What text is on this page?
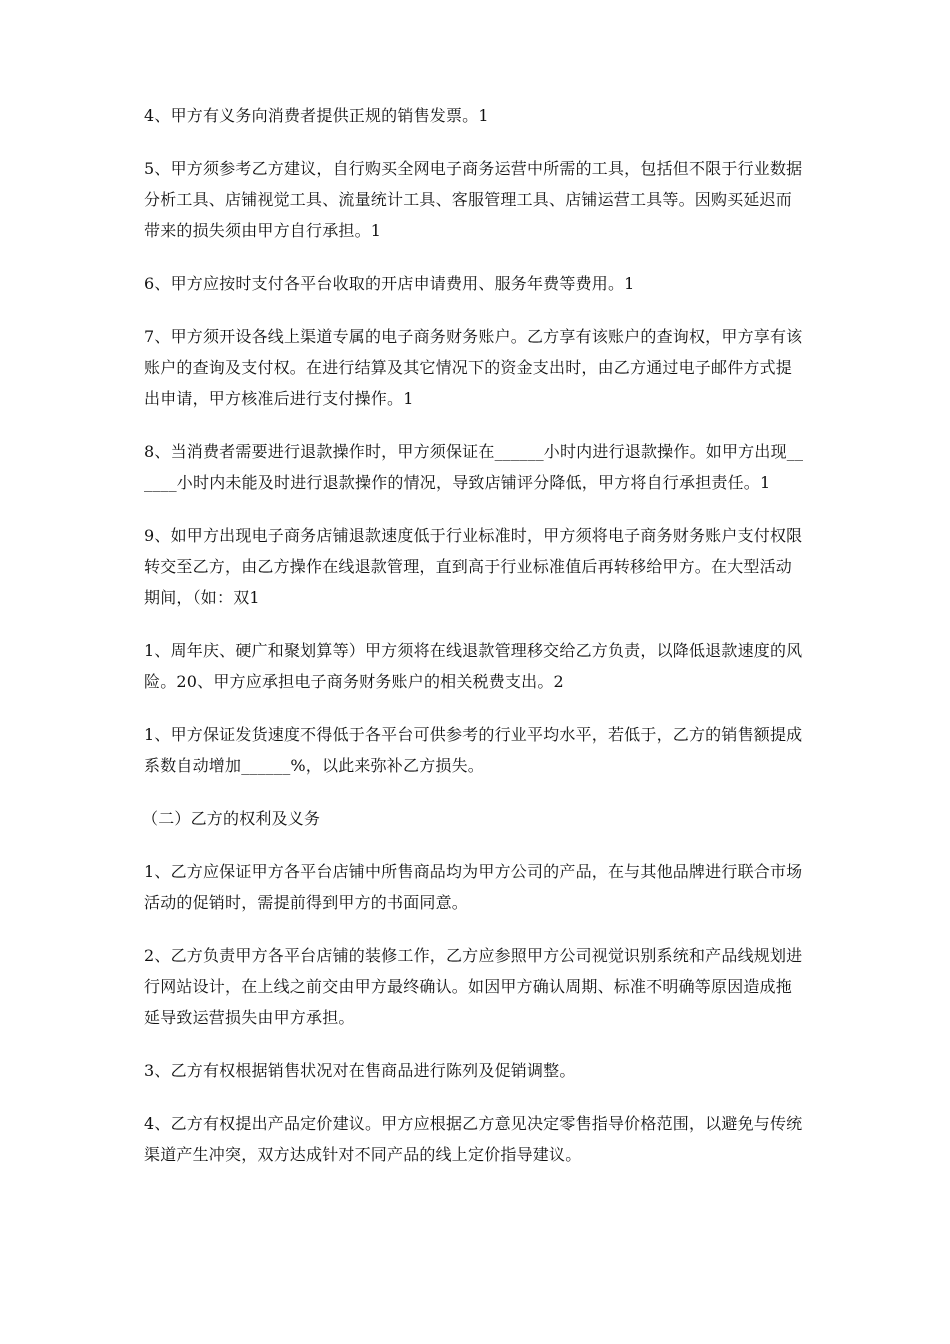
4、甲方有义务向消费者提供正规的销售发票。1

5、甲方须参考乙方建议，自行购买全网电子商务运营中所需的工具，包括但不限于行业数据分析工具、店铺视觉工具、流量统计工具、客服管理工具、店铺运营工具等。因购买延迟而带来的损失须由甲方自行承担。1

6、甲方应按时支付各平台收取的开店申请费用、服务年费等费用。1

7、甲方须开设各线上渠道专属的电子商务财务账户。乙方享有该账户的查询权，甲方享有该账户的查询及支付权。在进行结算及其它情况下的资金支出时，由乙方通过电子邮件方式提出申请，甲方核准后进行支付操作。1

8、当消费者需要进行退款操作时，甲方须保证在______小时内进行退款操作。如甲方出现______小时内未能及时进行退款操作的情况，导致店铺评分降低，甲方将自行承担责任。1

9、如甲方出现电子商务店铺退款速度低于行业标准时，甲方须将电子商务财务账户支付权限转交至乙方，由乙方操作在线退款管理，直到高于行业标准值后再转移给甲方。在大型活动期间，（如：双1

1、周年庆、硬广和聚划算等）甲方须将在线退款管理移交给乙方负责，以降低退款速度的风险。20、甲方应承担电子商务财务账户的相关税费支出。2

1、甲方保证发货速度不得低于各平台可供参考的行业平均水平，若低于，乙方的销售额提成系数自动增加______%，以此来弥补乙方损失。

（二）乙方的权利及义务

1、乙方应保证甲方各平台店铺中所售商品均为甲方公司的产品，在与其他品牌进行联合市场活动的促销时，需提前得到甲方的书面同意。

2、乙方负责甲方各平台店铺的装修工作，乙方应参照甲方公司视觉识别系统和产品线规划进行网站设计，在上线之前交由甲方最终确认。如因甲方确认周期、标准不明确等原因造成拖延导致运营损失由甲方承担。

3、乙方有权根据销售状况对在售商品进行陈列及促销调整。

4、乙方有权提出产品定价建议。甲方应根据乙方意见决定零售指导价格范围，以避免与传统渠道产生冲突，双方达成针对不同产品的线上定价指导建议。
